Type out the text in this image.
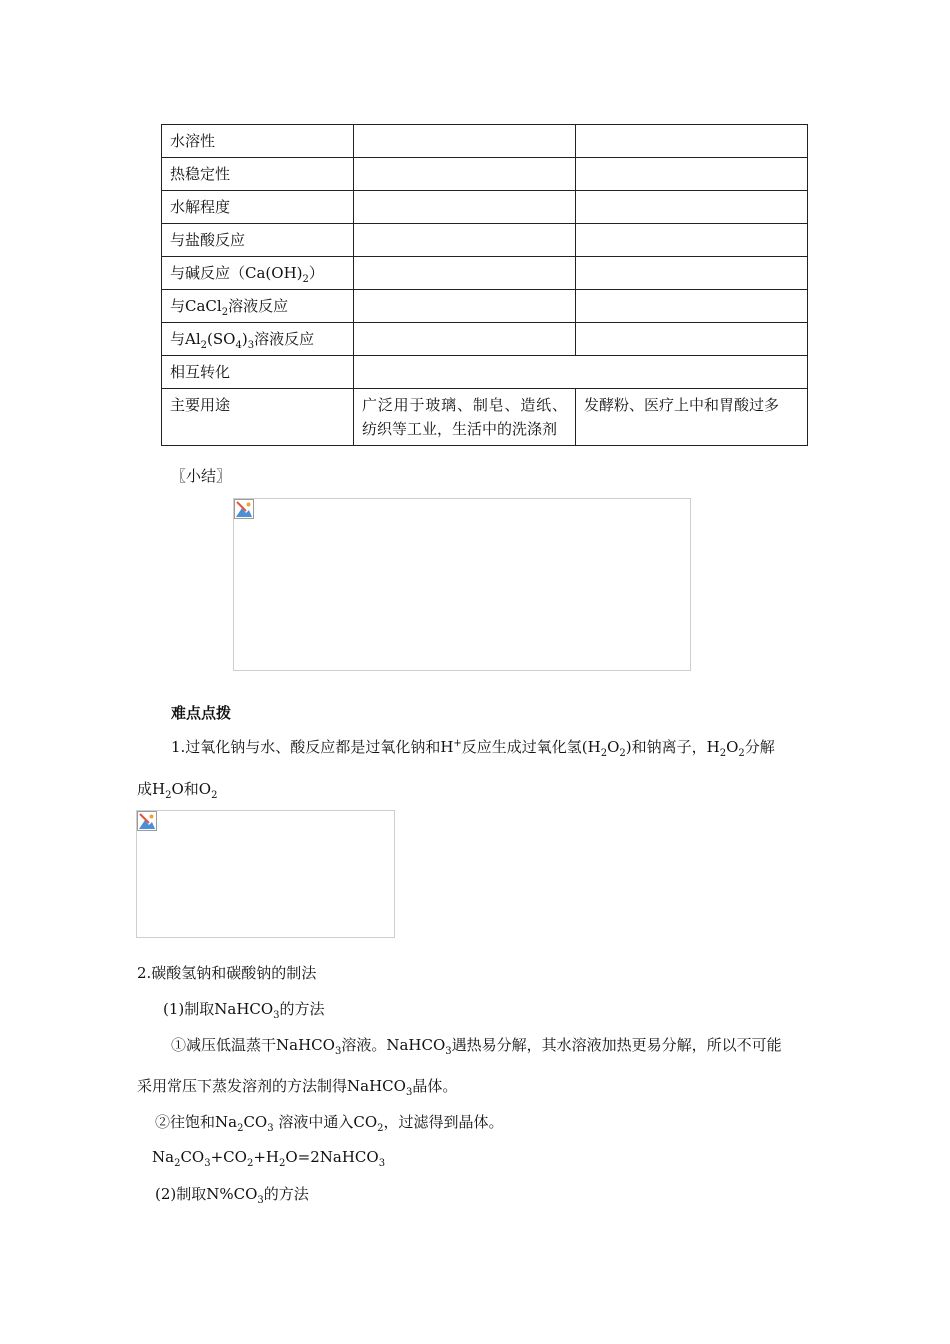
水溶性		
热稳定性		
水解程度		
与盐酸反应		
与碱反应$(Ca(OH)_2)$		
与CaCl$_2$溶液反应		
与$Al_2(SO_4)_3$溶液反应		
相互转化		
主要用途	广泛用于玻璃、制皂、造纸、纺织等工业，生活中的洗涤剂	发酵粉、医疗上中和胃酸过多
〖小结〗
难点点拨
1.过氧化钠与水、酸反应都是过氧化钠和H+反应生成过氧化氢$(H_2O_2)$和钠离子，$H_2O_2$分解
成$H_2O$和$O_2$
2.碳酸氢钠和碳酸钠的制法
(1)制取NaHCO$_3$的方法
①减压低温蒸干NaHCO$_3$溶液。NaHCO$_3$遇热易分解，其水溶液加热更易分解，所以不可能
采用常压下蒸发溶剂的方法制得NaHCO$_3$晶体。
②往饱和$Na_2CO_3$ 溶液中通入$CO_2$，过滤得到晶体。
$Na_2CO_3+CO_2+H_2O=2NaHCO_3$
(2)制取$N\%CO_3$的方法
